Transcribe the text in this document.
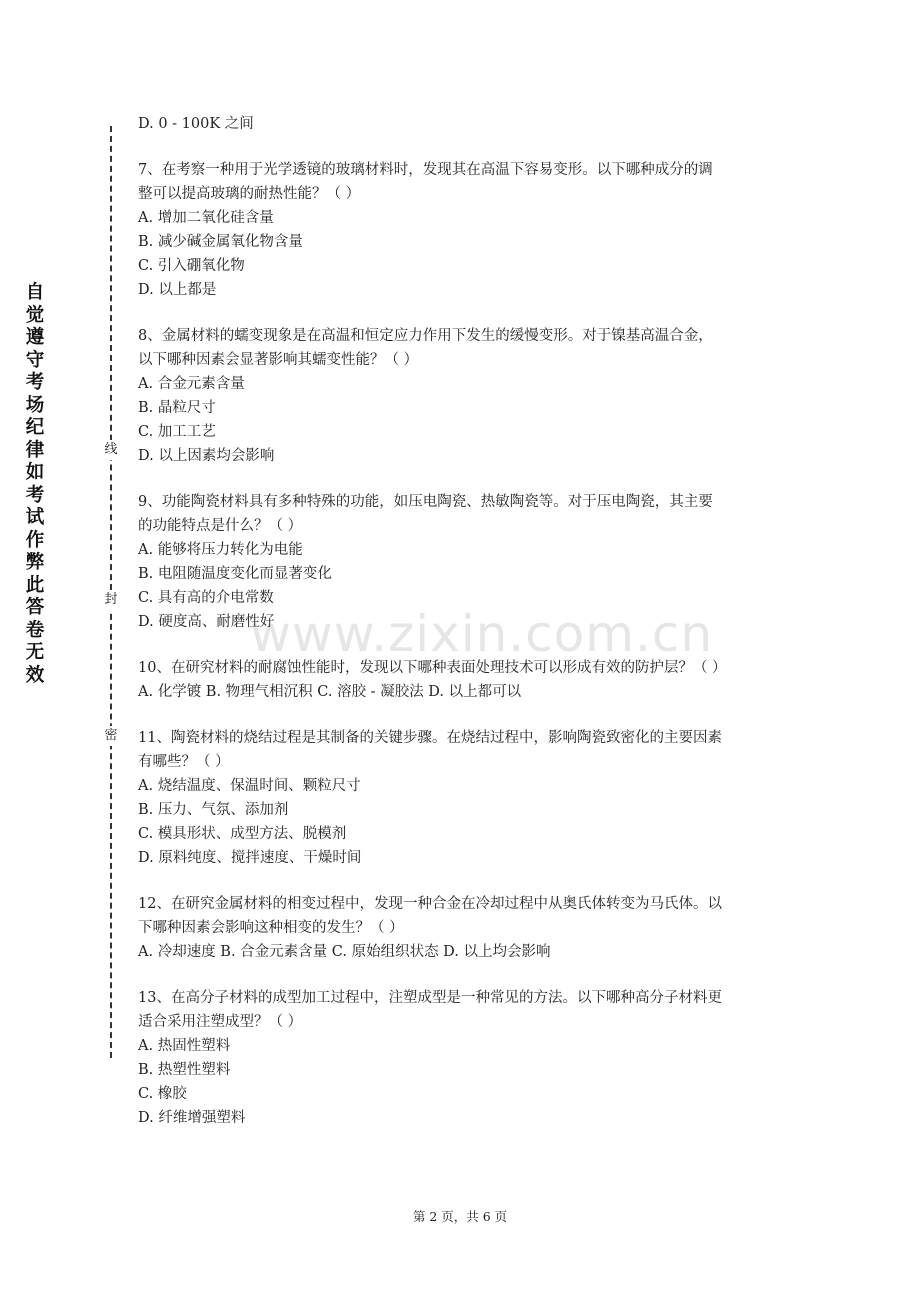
自觉遵守考场纪律如考试作弊此答卷无效
线
封
密
www.zixin.com.cn
D. 0 - 100K 之间
7、在考察一种用于光学透镜的玻璃材料时，发现其在高温下容易变形。以下哪种成分的调
整可以提高玻璃的耐热性能？（ ）
A. 增加二氧化硅含量
B. 减少碱金属氧化物含量
C. 引入硼氧化物
D. 以上都是
8、金属材料的蠕变现象是在高温和恒定应力作用下发生的缓慢变形。对于镍基高温合金，
以下哪种因素会显著影响其蠕变性能？（ ）
A. 合金元素含量
B. 晶粒尺寸
C. 加工工艺
D. 以上因素均会影响
9、功能陶瓷材料具有多种特殊的功能，如压电陶瓷、热敏陶瓷等。对于压电陶瓷，其主要
的功能特点是什么？（ ）
A. 能够将压力转化为电能
B. 电阻随温度变化而显著变化
C. 具有高的介电常数
D. 硬度高、耐磨性好
10、在研究材料的耐腐蚀性能时，发现以下哪种表面处理技术可以形成有效的防护层？（ ）
A. 化学镀 B. 物理气相沉积 C. 溶胶 - 凝胶法 D. 以上都可以
11、陶瓷材料的烧结过程是其制备的关键步骤。在烧结过程中，影响陶瓷致密化的主要因素
有哪些？（ ）
A. 烧结温度、保温时间、颗粒尺寸
B. 压力、气氛、添加剂
C. 模具形状、成型方法、脱模剂
D. 原料纯度、搅拌速度、干燥时间
12、在研究金属材料的相变过程中，发现一种合金在冷却过程中从奥氏体转变为马氏体。以
下哪种因素会影响这种相变的发生？（ ）
A. 冷却速度 B. 合金元素含量 C. 原始组织状态 D. 以上均会影响
13、在高分子材料的成型加工过程中，注塑成型是一种常见的方法。以下哪种高分子材料更
适合采用注塑成型？（ ）
A. 热固性塑料
B. 热塑性塑料
C. 橡胶
D. 纤维增强塑料
第 2 页，共 6 页
